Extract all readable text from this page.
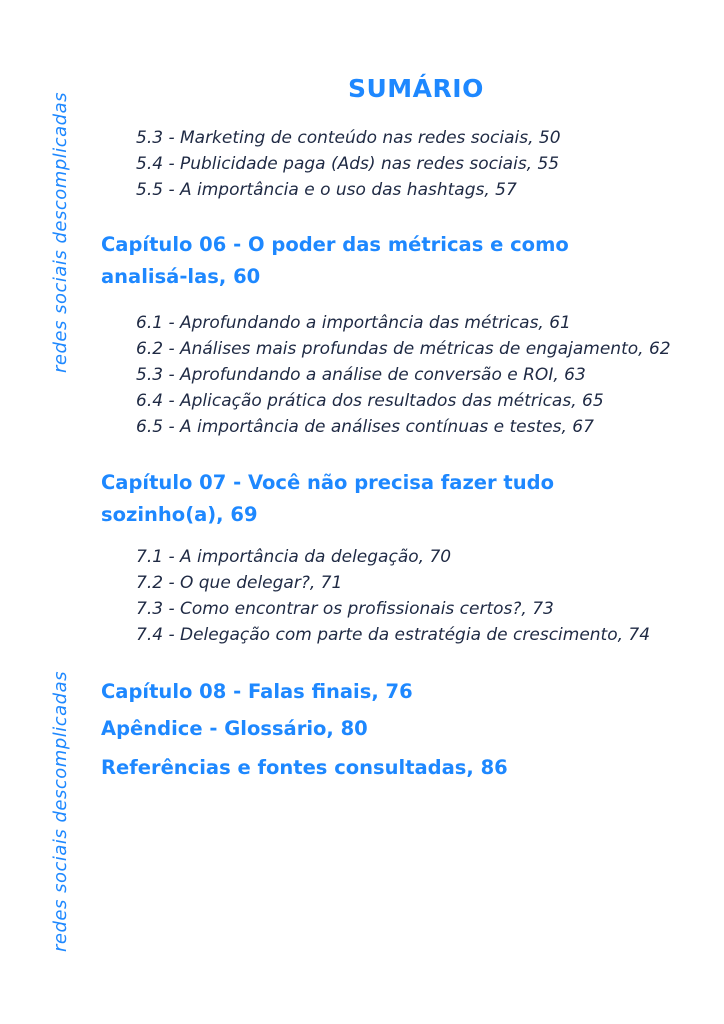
redes sociais descomplicadas
redes sociais descomplicadas
SUMÁRIO

5.3 - Marketing de conteúdo nas redes sociais, 50

5.4 - Publicidade paga (Ads) nas redes sociais, 55

5.5 - A importância e o uso das hashtags, 57

Capítulo 06 - O poder das métricas e como analisá-las, 60

6.1 - Aprofundando a importância das métricas, 61

6.2 - Análises mais profundas de métricas de engajamento, 62

5.3 - Aprofundando a análise de conversão e ROI, 63

6.4 - Aplicação prática dos resultados das métricas, 65

6.5 - A importância de análises contínuas e testes, 67

Capítulo 07 - Você não precisa fazer tudo sozinho(a), 69

7.1 - A importância da delegação, 70

7.2 - O que delegar?, 71

7.3 - Como encontrar os profissionais certos?, 73

7.4 - Delegação com parte da estratégia de crescimento, 74

Capítulo 08 - Falas finais, 76

Apêndice - Glossário, 80

Referências e fontes consultadas, 86
